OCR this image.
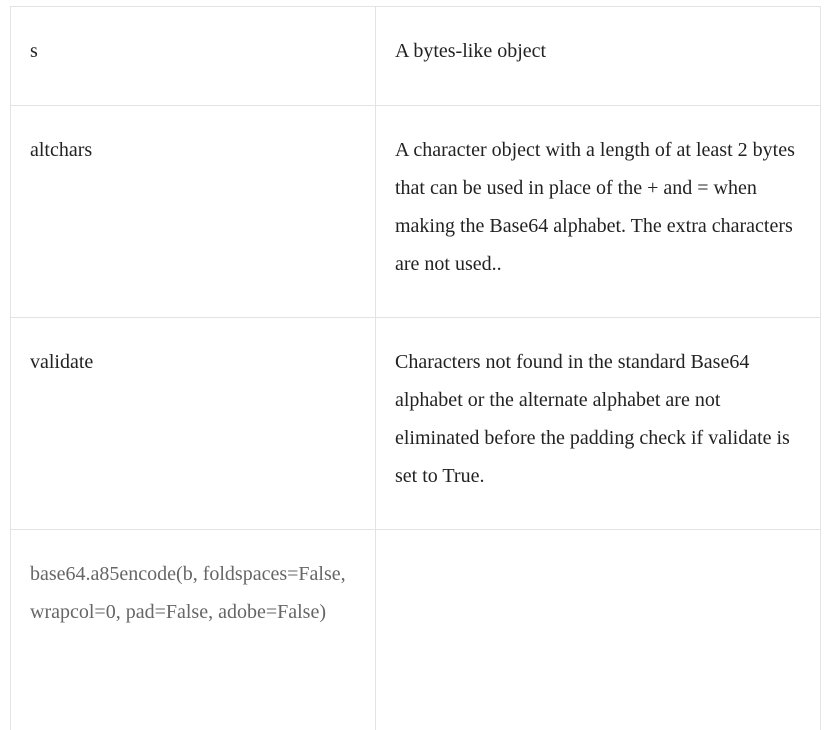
s	A bytes-like object

altchars	A character object with a length of at least 2 bytes that can be used in place of the + and = when making the Base64 alphabet. The extra characters are not used..

validate	Characters not found in the standard Base64 alphabet or the alternate alphabet are not eliminated before the padding check if validate is set to True.

base64.a85encode(b, foldspaces=False, wrapcol=0, pad=False, adobe=False)	
